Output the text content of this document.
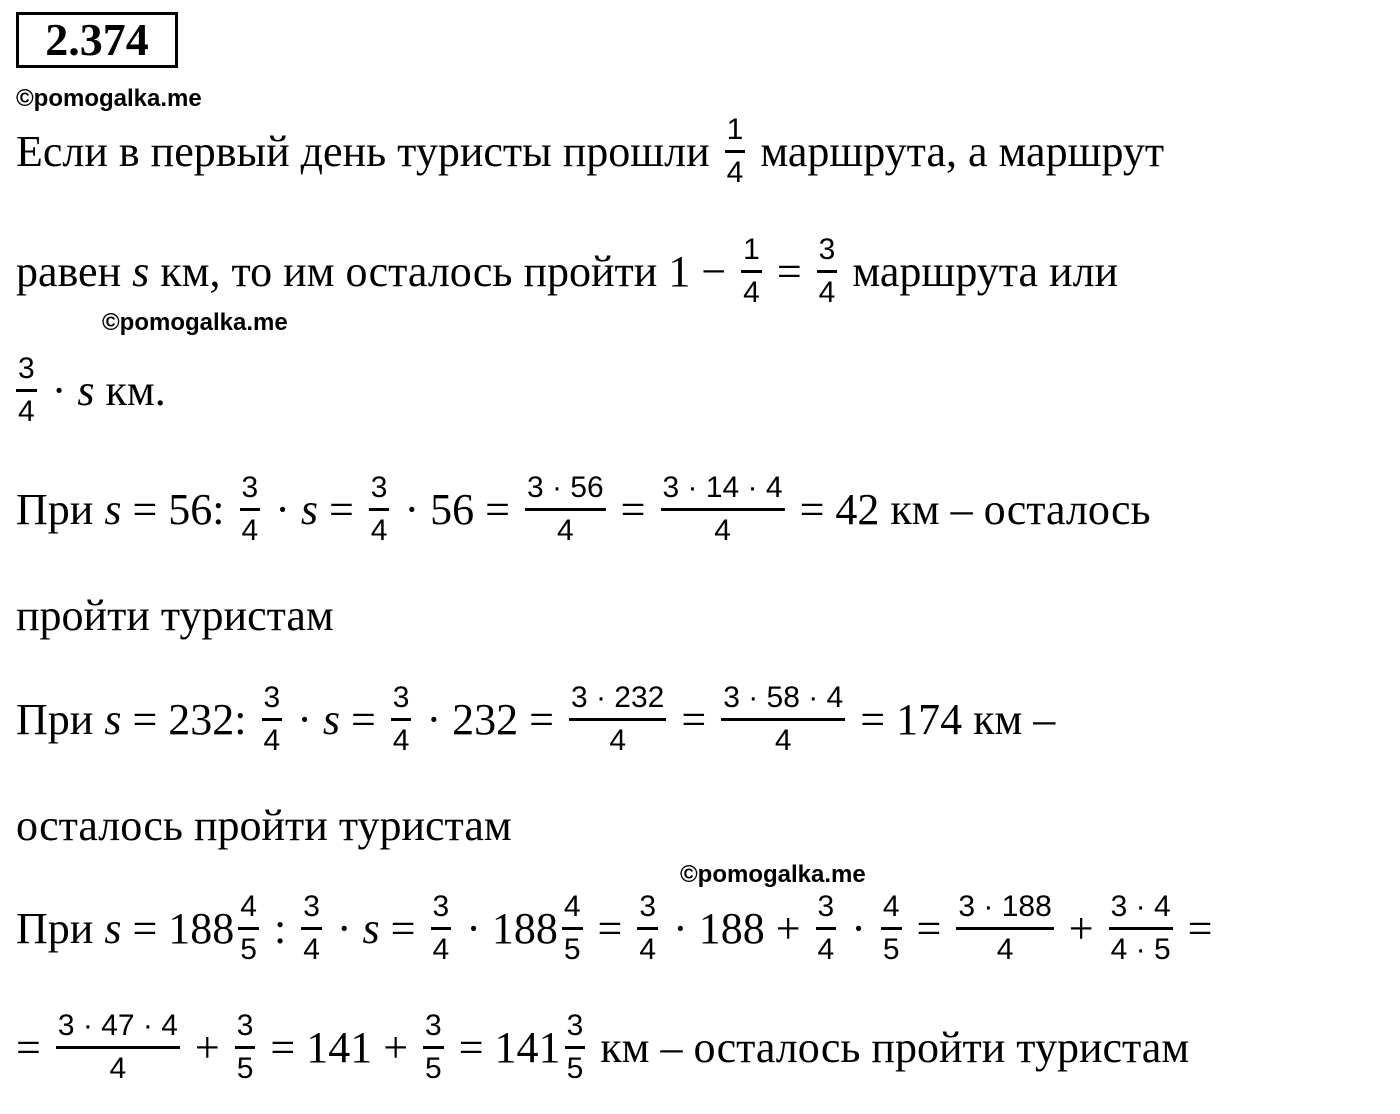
2.374
©pomogalka.me
Если в первый день туристы прошли $\frac{1}{4}$ маршрута, а маршрут
равен s км, то им осталось пройти $1 - \frac{1}{4} = \frac{3}{4}$ маршрута или
©pomogalka.me
$\frac{3}{4} \cdot s$ км.
При s = 56: $\frac{3}{4} \cdot s = \frac{3}{4} \cdot 56 = \frac{3 \cdot 56}{4} = \frac{3 \cdot 14 \cdot 4}{4} = 42$ км – осталось
пройти туристам
При s = 232: $\frac{3}{4} \cdot s = \frac{3}{4} \cdot 232 = \frac{3 \cdot 232}{4} = \frac{3 \cdot 58 \cdot 4}{4} = 174$ км –
осталось пройти туристам
©pomogalka.me
При $s = 188 \frac{4}{5}$ : $\frac{3}{4} \cdot s = \frac{3}{4} \cdot 188 \frac{4}{5} = \frac{3}{4} \cdot 188 + \frac{3}{4} \cdot \frac{4}{5} = \frac{3 \cdot 188}{4} + \frac{3 \cdot 4}{4 \cdot 5}$ =
= $\frac{3 \cdot 47 \cdot 4}{4} + \frac{3}{5} = 141 + \frac{3}{5} = 141 \frac{3}{5}$ км – осталось пройти туристам
